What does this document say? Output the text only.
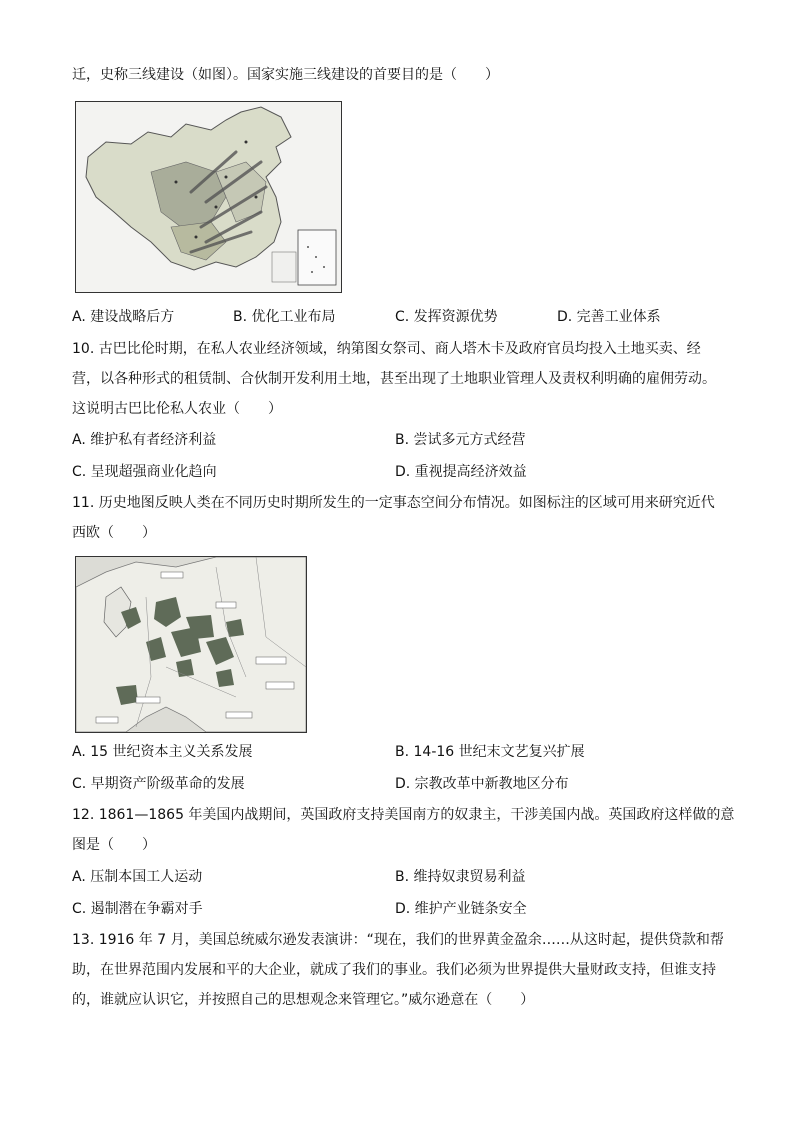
迁，史称三线建设（如图）。国家实施三线建设的首要目的是（　　）
A. 建设战略后方	B. 优化工业布局	C. 发挥资源优势	D. 完善工业体系
10. 古巴比伦时期，在私人农业经济领域，纳第图女祭司、商人塔木卡及政府官员均投入土地买卖、经
营，以各种形式的租赁制、合伙制开发利用土地，甚至出现了土地职业管理人及责权利明确的雇佣劳动。
这说明古巴比伦私人农业（　　）
A. 维护私有者经济利益	B. 尝试多元方式经营
C. 呈现超强商业化趋向	D. 重视提高经济效益
11. 历史地图反映人类在不同历史时期所发生的一定事态空间分布情况。如图标注的区域可用来研究近代
西欧（　　）
A. 15 世纪资本主义关系发展	B. 14-16 世纪末文艺复兴扩展
C. 早期资产阶级革命的发展	D. 宗教改革中新教地区分布
12. 1861—1865 年美国内战期间，英国政府支持美国南方的奴隶主，干涉美国内战。英国政府这样做的意
图是（　　）
A. 压制本国工人运动	B. 维持奴隶贸易利益
C. 遏制潜在争霸对手	D. 维护产业链条安全
13. 1916 年 7 月，美国总统威尔逊发表演讲：“现在，我们的世界黄金盈余……从这时起，提供贷款和帮
助，在世界范围内发展和平的大企业，就成了我们的事业。我们必须为世界提供大量财政支持，但谁支持
的，谁就应认识它，并按照自己的思想观念来管理它。”威尔逊意在（　　）
